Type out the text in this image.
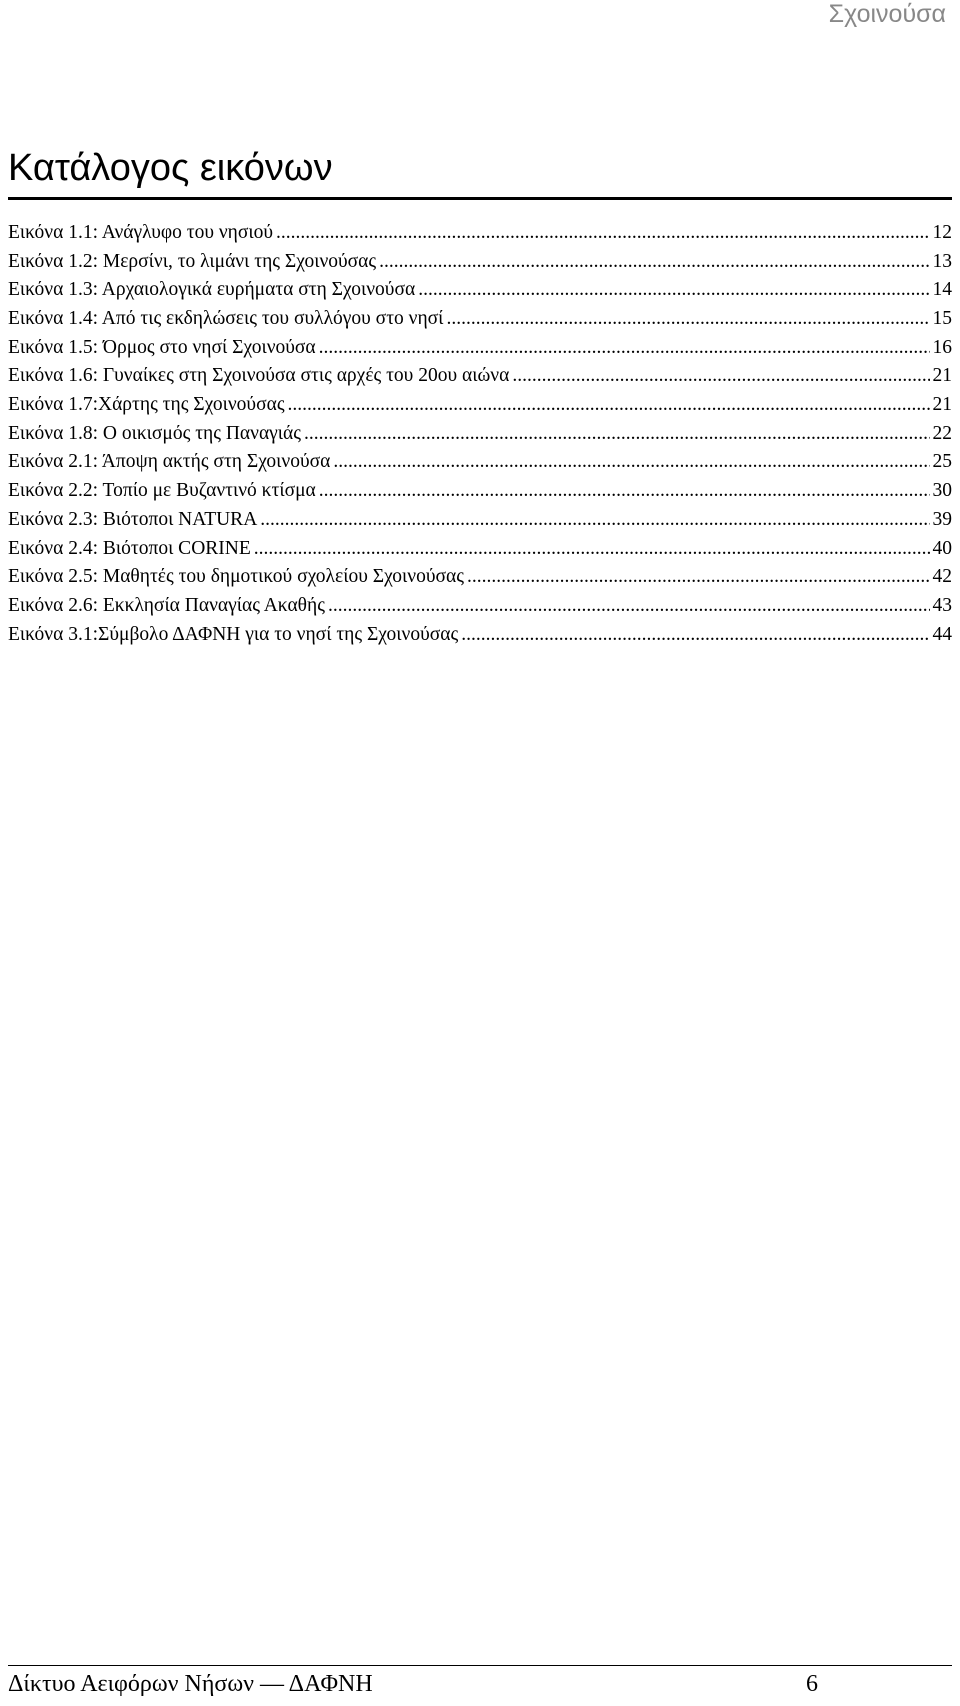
Σχοινούσα
Κατάλογος εικόνων
Εικόνα 1.1: Ανάγλυφο του νησιού .....	12
Εικόνα 1.2: Μερσίνι, το λιμάνι της Σχοινούσας .....	13
Εικόνα 1.3: Αρχαιολογικά ευρήματα στη Σχοινούσα .....	14
Εικόνα 1.4: Από τις εκδηλώσεις του συλλόγου στο νησί .....	15
Εικόνα 1.5: Όρμος στο νησί Σχοινούσα .....	16
Εικόνα 1.6: Γυναίκες στη Σχοινούσα στις αρχές του 20ου αιώνα .....	21
Εικόνα 1.7:Χάρτης της Σχοινούσας .....	21
Εικόνα 1.8: Ο οικισμός της Παναγιάς .....	22
Εικόνα 2.1: Άποψη ακτής στη Σχοινούσα .....	25
Εικόνα 2.2: Τοπίο με Βυζαντινό κτίσμα .....	30
Εικόνα 2.3: Βιότοποι NATURA .....	39
Εικόνα 2.4: Βιότοποι CORINE .....	40
Εικόνα 2.5: Μαθητές του δημοτικού σχολείου Σχοινούσας .....	42
Εικόνα 2.6: Εκκλησία Παναγίας Ακαθής .....	43
Εικόνα 3.1:Σύμβολο ΔΑΦΝΗ για το νησί της Σχοινούσας .....	44
Δίκτυο Αειφόρων Νήσων — ΔΑΦΝΗ	6
